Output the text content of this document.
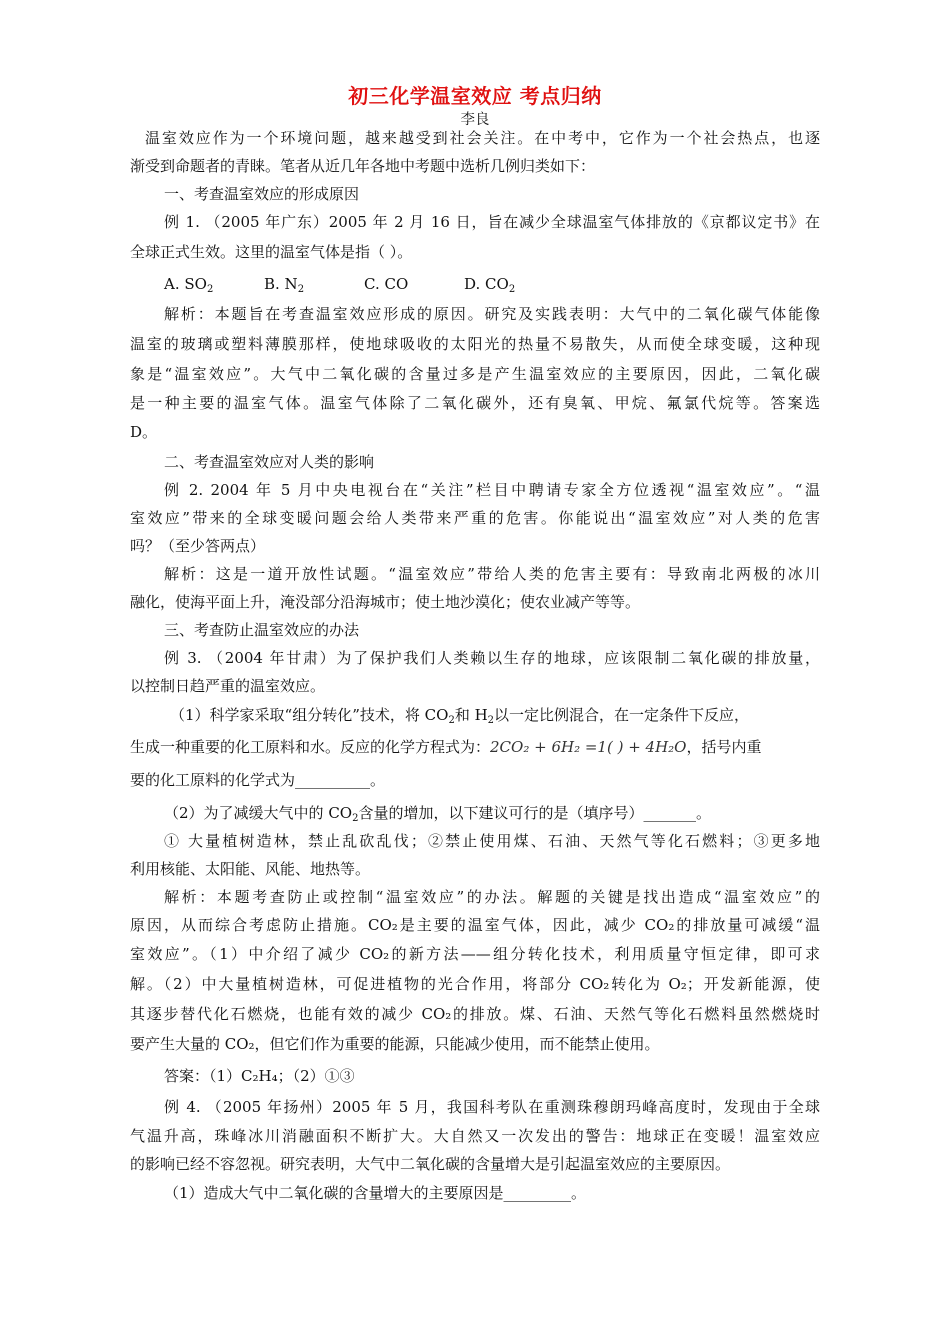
初三化学温室效应 考点归纳
李良
温室效应作为一个环境问题，越来越受到社会关注。在中考中，它作为一个社会热点，也逐
渐受到命题者的青睐。笔者从近几年各地中考题中选析几例归类如下：
一、考查温室效应的形成原因
例 1. （2005 年广东）2005 年 2 月 16 日，旨在减少全球温室气体排放的《京都议定书》在
全球正式生效。这里的温室气体是指（ ）。
A. $SO_2$	B. $N_2$	C. CO	D. $CO_2$
解析：本题旨在考查温室效应形成的原因。研究及实践表明：大气中的二氧化碳气体能像
温室的玻璃或塑料薄膜那样，使地球吸收的太阳光的热量不易散失，从而使全球变暖，这种现
象是“温室效应”。大气中二氧化碳的含量过多是产生温室效应的主要原因，因此，二氧化碳
是一种主要的温室气体。温室气体除了二氧化碳外，还有臭氧、甲烷、氟氯代烷等。答案选
D。
二、考查温室效应对人类的影响
例 2. 2004 年 5 月中央电视台在“关注”栏目中聘请专家全方位透视“温室效应”。“温
室效应”带来的全球变暖问题会给人类带来严重的危害。你能说出“温室效应”对人类的危害
吗？（至少答两点）
解析：这是一道开放性试题。“温室效应”带给人类的危害主要有：导致南北两极的冰川
融化，使海平面上升，淹没部分沿海城市；使土地沙漠化；使农业减产等等。
三、考查防止温室效应的办法
例 3. （2004 年甘肃）为了保护我们人类赖以生存的地球，应该限制二氧化碳的排放量，
以控制日趋严重的温室效应。
（1）科学家采取“组分转化”技术，将 $CO_2$和 $H_2$以一定比例混合，在一定条件下反应，
生成一种重要的化工原料和水。反应的化学方程式为：2CO₂ + 6H₂ =1( ) + 4H₂O，括号内重
要的化工原料的化学式为__________。
（2）为了减缓大气中的 $CO_2$含量的增加，以下建议可行的是（填序号）_______。
① 大量植树造林，禁止乱砍乱伐；②禁止使用煤、石油、天然气等化石燃料；③更多地
利用核能、太阳能、风能、地热等。
解析：本题考查防止或控制“温室效应”的办法。解题的关键是找出造成“温室效应”的
原因，从而综合考虑防止措施。CO₂是主要的温室气体，因此，减少 CO₂的排放量可减缓“温
室效应”。（1）中介绍了减少 CO₂的新方法——组分转化技术，利用质量守恒定律，即可求
解。（2）中大量植树造林，可促进植物的光合作用，将部分 CO₂转化为 O₂；开发新能源，使
其逐步替代化石燃烧，也能有效的减少 CO₂的排放。煤、石油、天然气等化石燃料虽然燃烧时
要产生大量的 CO₂，但它们作为重要的能源，只能减少使用，而不能禁止使用。
答案：（1）C₂H₄；（2）①③
例 4. （2005 年扬州）2005 年 5 月，我国科考队在重测珠穆朗玛峰高度时，发现由于全球
气温升高，珠峰冰川消融面积不断扩大。大自然又一次发出的警告：地球正在变暖！温室效应
的影响已经不容忽视。研究表明，大气中二氧化碳的含量增大是引起温室效应的主要原因。
（1）造成大气中二氧化碳的含量增大的主要原因是_________。
